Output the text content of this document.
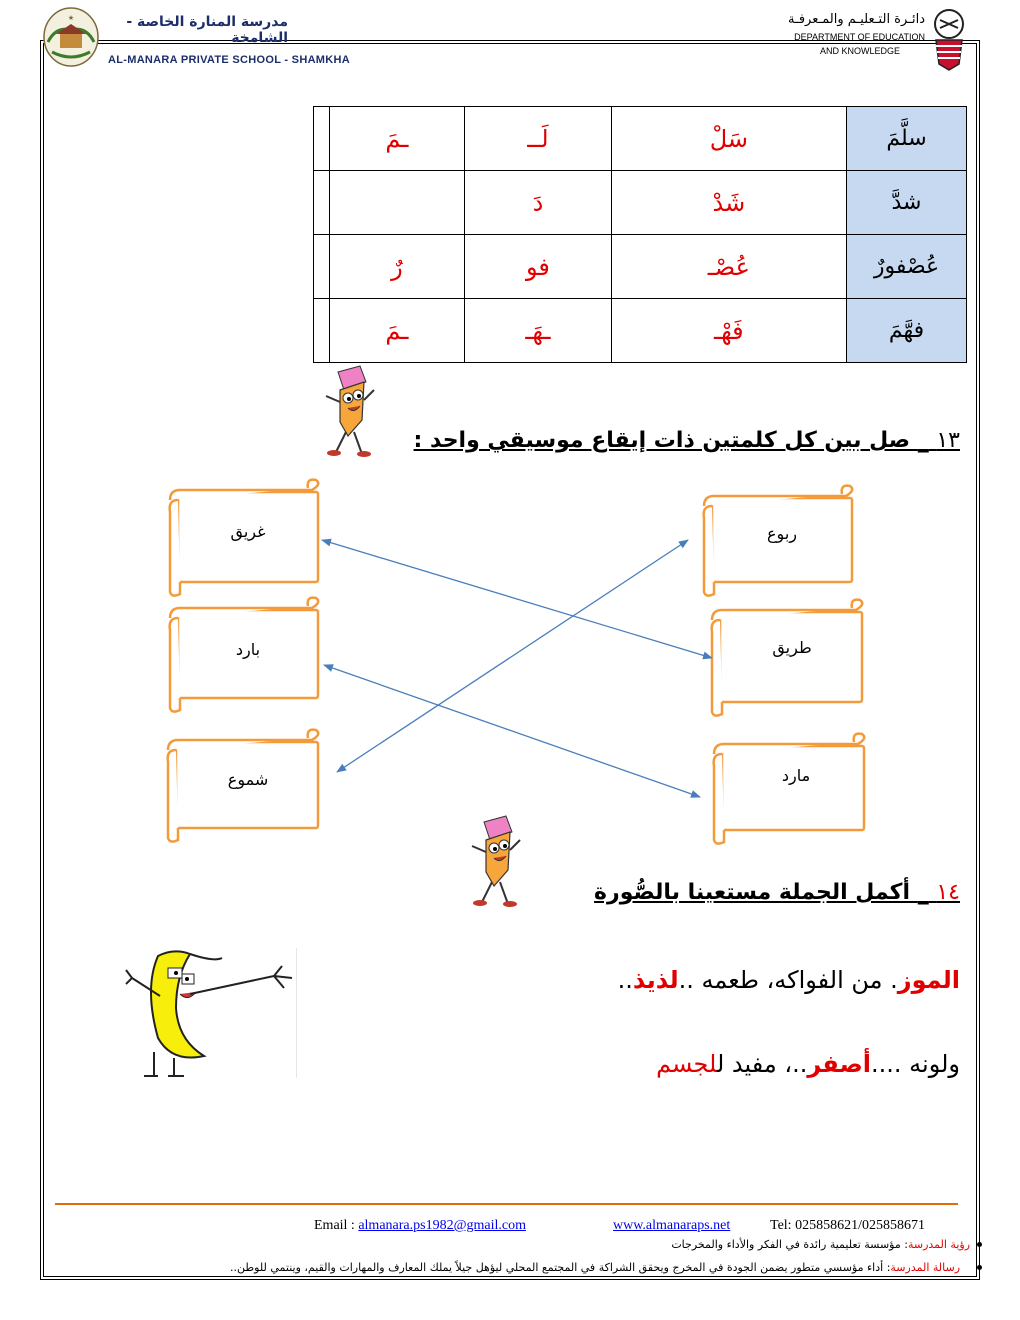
★	مدرسة المنارة الخاصة - الشامخة
AL-MANARA PRIVATE SCHOOL - SHAMKHA
دائـرة التـعليـم والمـعرفـة
DEPARTMENT OF EDUCATION
AND KNOWLEDGE
سلَّمَ	سَلْ	لَــ	ـمَ	
شدَّ	شَدْ	دَ		
عُصْفورٌ	عُصْـ	فو	رٌ	
فهَّمَ	فَهْـ	ـهَـ	ـمَ	
١٣ _ صل بين كل كلمتين ذات إيقاع موسيقي واحد :
غريق
بارد
شموع
ربوع
طريق
مارد
١٤ _ أكمل الجملة مستعينا بالصُّورة
الموز. من الفواكه، طعمه ..لذيذ..
ولونه ....أصفر..، مفيد للجسم
Email : almanara.ps1982@gmail.com	www.almanaraps.net	Tel: 025858621/025858671
رؤية المدرسة: مؤسسة تعليمية رائدة في الفكر والأداء والمخرجات
رسالة المدرسة: أداء مؤسسي متطور يضمن الجودة في المخرج ويحقق الشراكة في المجتمع المحلي ليؤهل جيلاً يملك المعارف والمهارات والقيم، وينتمي للوطن..
